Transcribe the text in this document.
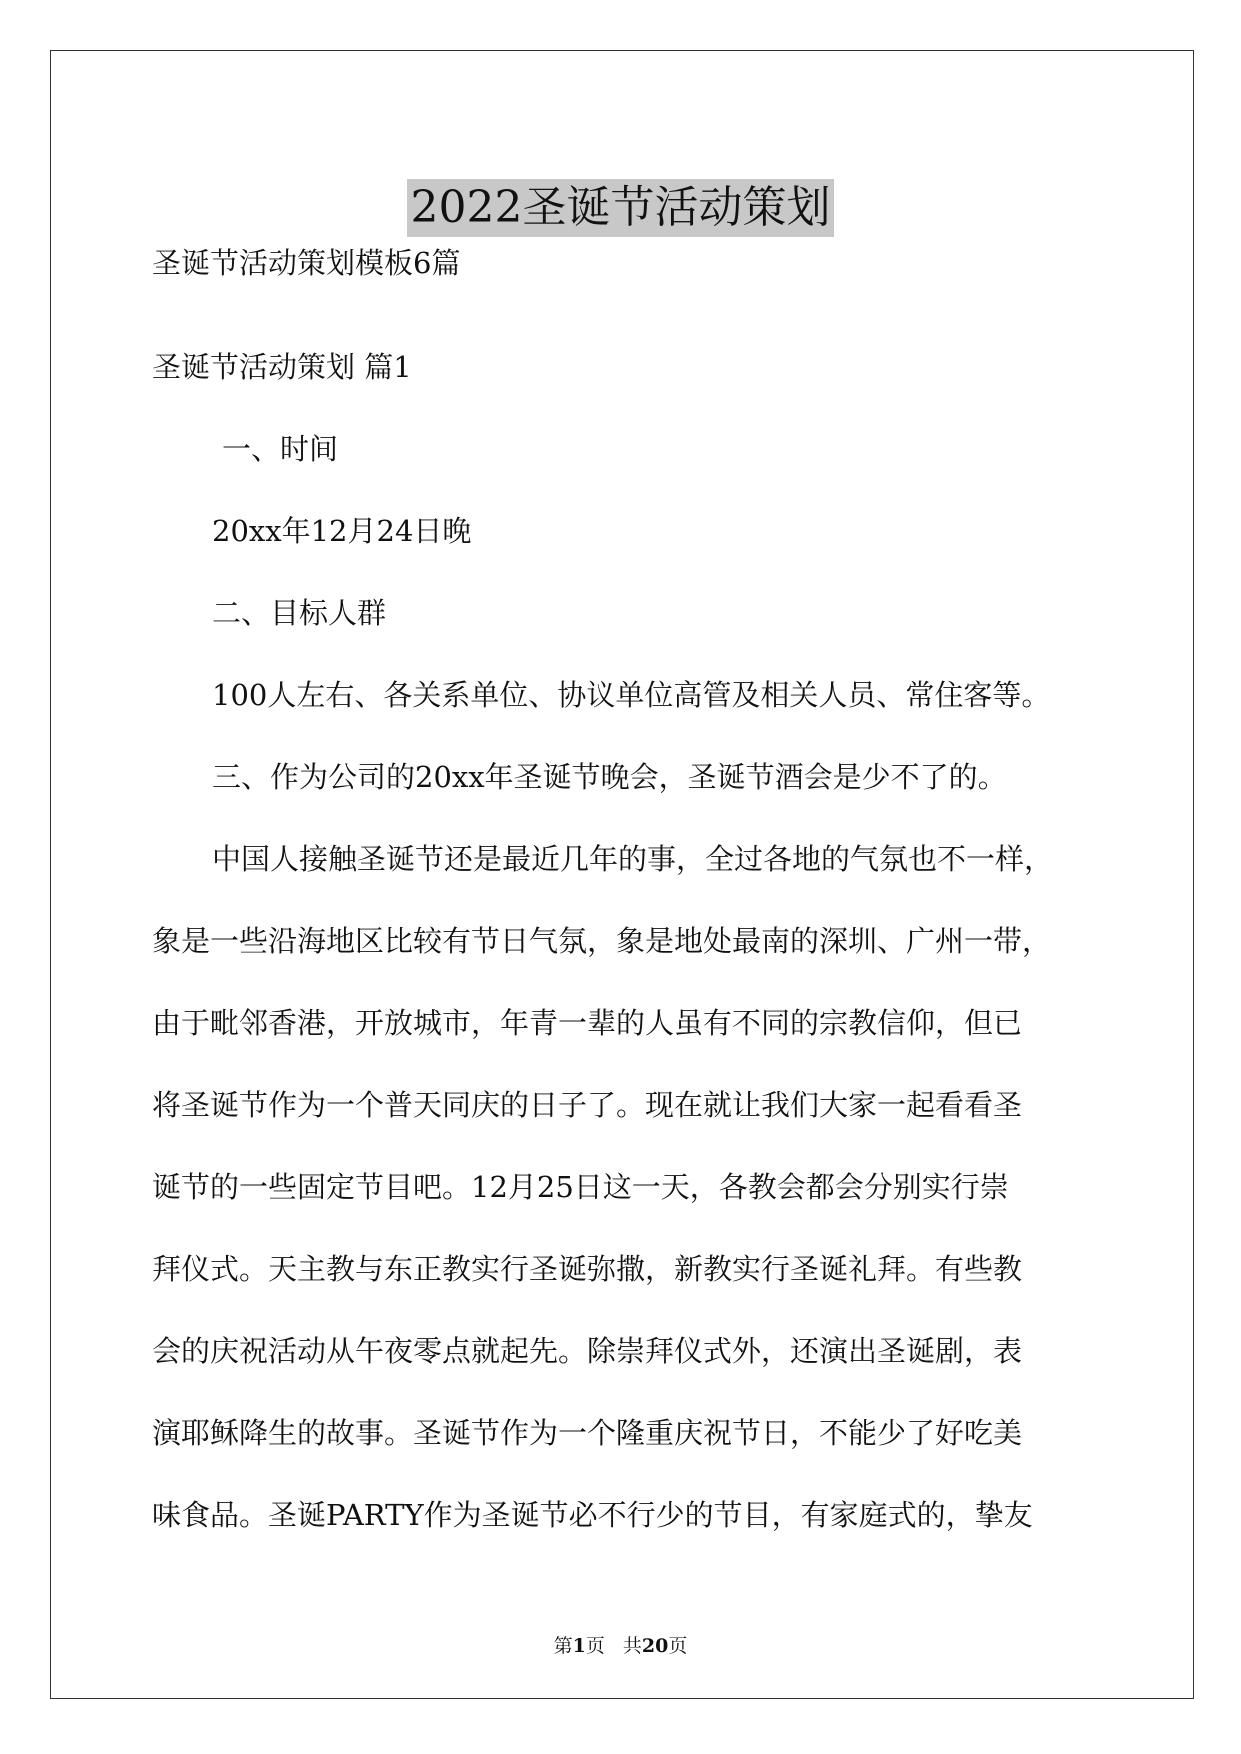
2022圣诞节活动策划
圣诞节活动策划模板6篇
圣诞节活动策划 篇1
一、时间
20xx年12月24日晚
二、目标人群
100人左右、各关系单位、协议单位高管及相关人员、常住客等。
三、作为公司的20xx年圣诞节晚会，圣诞节酒会是少不了的。
中国人接触圣诞节还是最近几年的事，全过各地的气氛也不一样，
象是一些沿海地区比较有节日气氛，象是地处最南的深圳、广州一带，
由于毗邻香港，开放城市，年青一辈的人虽有不同的宗教信仰，但已
将圣诞节作为一个普天同庆的日子了。现在就让我们大家一起看看圣
诞节的一些固定节目吧。12月25日这一天，各教会都会分别实行崇
拜仪式。天主教与东正教实行圣诞弥撒，新教实行圣诞礼拜。有些教
会的庆祝活动从午夜零点就起先。除崇拜仪式外，还演出圣诞剧，表
演耶稣降生的故事。圣诞节作为一个隆重庆祝节日，不能少了好吃美
味食品。圣诞PARTY作为圣诞节必不行少的节目，有家庭式的，挚友
第1页 共20页
